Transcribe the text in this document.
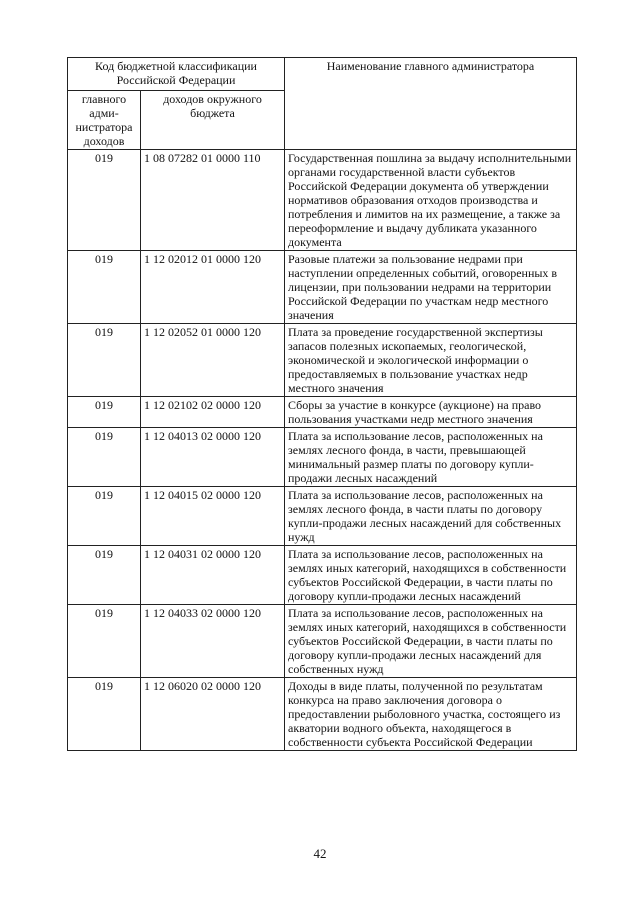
Код бюджетной классификации Российской Федерации		Наименование главного администратора
главного адми-нистратора доходов	доходов окружного бюджета	
019	1 08 07282 01 0000 110	Государственная пошлина за выдачу исполнительными органами государственной власти субъектов Российской Федерации документа об утверждении нормативов образования отходов производства и потребления и лимитов на их размещение, а также за переоформление и выдачу дубликата указанного документа
019	1 12 02012 01 0000 120	Разовые платежи за пользование недрами при наступлении определенных событий, оговоренных в лицензии, при пользовании недрами на территории Российской Федерации по участкам недр местного значения
019	1 12 02052 01 0000 120	Плата за проведение государственной экспертизы запасов полезных ископаемых, геологической, экономической и экологической информации о предоставляемых в пользование участках недр местного значения
019	1 12 02102 02 0000 120	Сборы за участие в конкурсе (аукционе) на право пользования участками недр местного значения
019	1 12 04013 02 0000 120	Плата за использование лесов, расположенных на землях лесного фонда, в части, превышающей минимальный размер платы по договору купли-продажи лесных насаждений
019	1 12 04015 02 0000 120	Плата за использование лесов, расположенных на землях лесного фонда, в части платы по договору купли-продажи лесных насаждений для собственных нужд
019	1 12 04031 02 0000 120	Плата за использование лесов, расположенных на землях иных категорий, находящихся в собственности субъектов Российской Федерации, в части платы по договору купли-продажи лесных насаждений
019	1 12 04033 02 0000 120	Плата за использование лесов, расположенных на землях иных категорий, находящихся в собственности субъектов Российской Федерации, в части платы по договору купли-продажи лесных насаждений для собственных нужд
019	1 12 06020 02 0000 120	Доходы в виде платы, полученной по результатам конкурса на право заключения договора о предоставлении рыболовного участка, состоящего из акватории водного объекта, находящегося в собственности субъекта Российской Федерации
42
